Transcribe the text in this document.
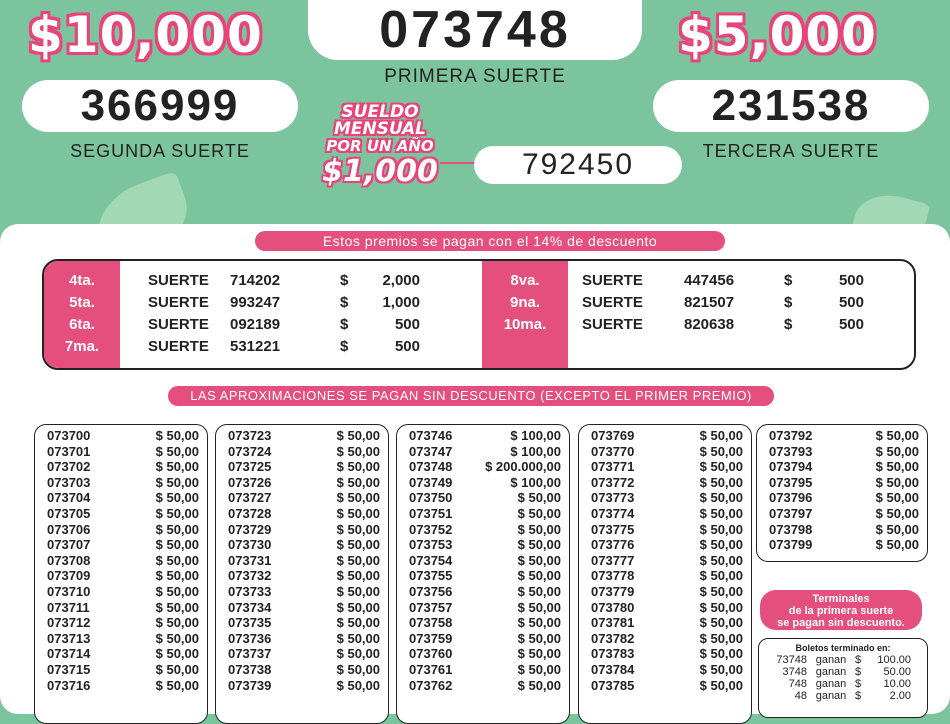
073748
PRIMERA SUERTE
$10,000
366999
SEGUNDA SUERTE
$5,000
231538
TERCERA SUERTE
SUELDO
MENSUAL
POR UN AÑO
$1,000	792450
Estos premios se pagan con el 14% de descuento
4ta.	SUERTE	714202	$	2,000
5ta.	SUERTE	993247	$	1,000
6ta.	SUERTE	092189	$	500
7ma.	SUERTE	531221	$	500
8va.	SUERTE	447456	$	500
9na.	SUERTE	821507	$	500
10ma.	SUERTE	820638	$	500
LAS APROXIMACIONES SE PAGAN SIN DESCUENTO (EXCEPTO EL PRIMER PREMIO)
073700	$ 50,00
073701	$ 50,00
073702	$ 50,00
073703	$ 50,00
073704	$ 50,00
073705	$ 50,00
073706	$ 50,00
073707	$ 50,00
073708	$ 50,00
073709	$ 50,00
073710	$ 50,00
073711	$ 50,00
073712	$ 50,00
073713	$ 50,00
073714	$ 50,00
073715	$ 50,00
073716	$ 50,00
073723	$ 50,00
073724	$ 50,00
073725	$ 50,00
073726	$ 50,00
073727	$ 50,00
073728	$ 50,00
073729	$ 50,00
073730	$ 50,00
073731	$ 50,00
073732	$ 50,00
073733	$ 50,00
073734	$ 50,00
073735	$ 50,00
073736	$ 50,00
073737	$ 50,00
073738	$ 50,00
073739	$ 50,00
073746	$ 100,00
073747	$ 100,00
073748	$ 200.000,00
073749	$ 100,00
073750	$ 50,00
073751	$ 50,00
073752	$ 50,00
073753	$ 50,00
073754	$ 50,00
073755	$ 50,00
073756	$ 50,00
073757	$ 50,00
073758	$ 50,00
073759	$ 50,00
073760	$ 50,00
073761	$ 50,00
073762	$ 50,00
073769	$ 50,00
073770	$ 50,00
073771	$ 50,00
073772	$ 50,00
073773	$ 50,00
073774	$ 50,00
073775	$ 50,00
073776	$ 50,00
073777	$ 50,00
073778	$ 50,00
073779	$ 50,00
073780	$ 50,00
073781	$ 50,00
073782	$ 50,00
073783	$ 50,00
073784	$ 50,00
073785	$ 50,00
073792	$ 50,00
073793	$ 50,00
073794	$ 50,00
073795	$ 50,00
073796	$ 50,00
073797	$ 50,00
073798	$ 50,00
073799	$ 50,00
Terminales
de la primera suerte
se pagan sin descuento.
Boletos terminado en:
73748 ganan $	100.00
3748 ganan $	50.00
748 ganan $	10.00
48 ganan $	2.00
